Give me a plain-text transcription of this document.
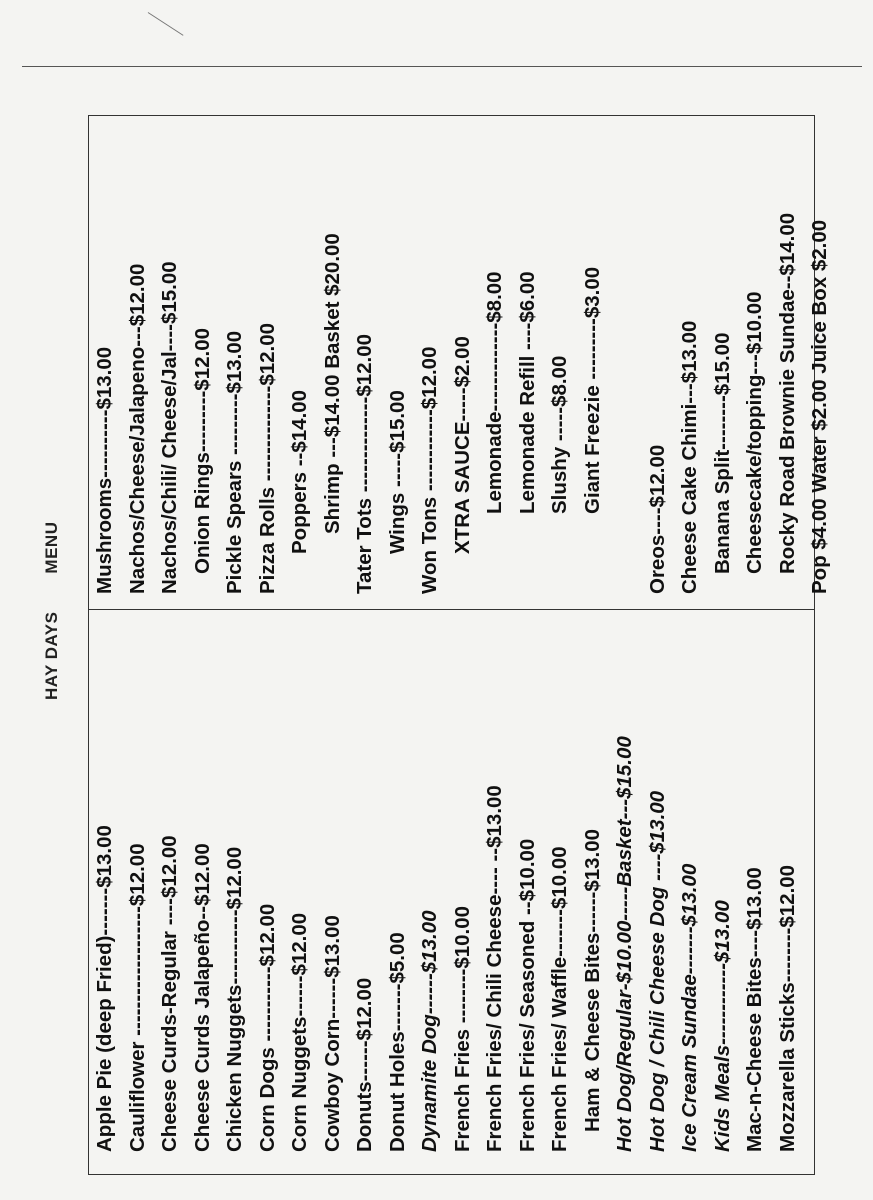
HAY DAYSMENU
Apple Pie (deep Fried)-------$13.00 Cauliflower -------------------$12.00 Cheese Curds-Regular ----$12.00 Cheese Curds Jalapeño--$12.00 Chicken Nuggets-----------$12.00 Corn Dogs -----------$12.00 Corn Nuggets------$12.00 Cowboy Corn------$13.00 Donuts------$12.00 Donut Holes-------$5.00 Dynamite Dog------$13.00 French Fries --------$10.00 French Fries/ Chili Cheese---- --$13.00 French Fries/ Seasoned --$10.00 French Fries/ Waffle-------$10.00 Ham & Cheese Bites------$13.00 Hot Dog/Regular-$10.00-----Basket---$15.00 Hot Dog / Chili Cheese Dog ----$13.00 Ice Cream Sundae-------$13.00 Kids Meals------------$13.00 Mac-n-Cheese Bites----$13.00 Mozzarella Sticks--------$12.00
Mushrooms----------$13.00 Nachos/Cheese/Jalapeno---$12.00 Nachos/Chili/ Cheese/Jal----$15.00 Onion Rings---------$12.00 Pickle Spears ---------$13.00 Pizza Rolls --------------$12.00 Poppers --$14.00 Shrimp ---$14.00 Basket $20.00 Tater Tots --------------$12.00 Wings -----$15.00 Won Tons ------------$12.00 XTRA SAUCE-----$2.00 Lemonade-------------$8.00 Lemonade Refill ----$6.00 Slushy -----$8.00 Giant Freezie ---------$3.00
Oreos----$12.00 Cheese Cake Chimi---$13.00 Banana Split--------$15.00 Cheesecake/topping---$10.00 Rocky Road Brownie Sundae--$14.00 Pop $4.00 Water $2.00 Juice Box $2.00
